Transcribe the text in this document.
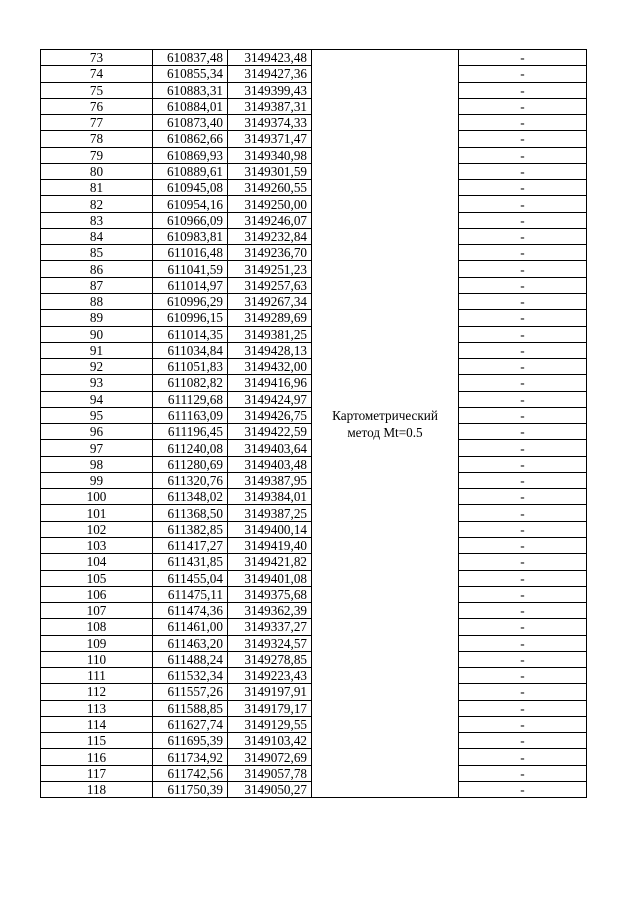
73	610837,48	3149423,48	Картометрический
метод Mt=0.5	-
74	610855,34	3149427,36		-
75	610883,31	3149399,43		-
76	610884,01	3149387,31		-
77	610873,40	3149374,33		-
78	610862,66	3149371,47		-
79	610869,93	3149340,98		-
80	610889,61	3149301,59		-
81	610945,08	3149260,55		-
82	610954,16	3149250,00		-
83	610966,09	3149246,07		-
84	610983,81	3149232,84		-
85	611016,48	3149236,70		-
86	611041,59	3149251,23		-
87	611014,97	3149257,63		-
88	610996,29	3149267,34		-
89	610996,15	3149289,69		-
90	611014,35	3149381,25		-
91	611034,84	3149428,13		-
92	611051,83	3149432,00		-
93	611082,82	3149416,96		-
94	611129,68	3149424,97		-
95	611163,09	3149426,75		-
96	611196,45	3149422,59		-
97	611240,08	3149403,64		-
98	611280,69	3149403,48		-
99	611320,76	3149387,95		-
100	611348,02	3149384,01		-
101	611368,50	3149387,25		-
102	611382,85	3149400,14		-
103	611417,27	3149419,40		-
104	611431,85	3149421,82		-
105	611455,04	3149401,08		-
106	611475,11	3149375,68		-
107	611474,36	3149362,39		-
108	611461,00	3149337,27		-
109	611463,20	3149324,57		-
110	611488,24	3149278,85		-
111	611532,34	3149223,43		-
112	611557,26	3149197,91		-
113	611588,85	3149179,17		-
114	611627,74	3149129,55		-
115	611695,39	3149103,42		-
116	611734,92	3149072,69		-
117	611742,56	3149057,78		-
118	611750,39	3149050,27		-
